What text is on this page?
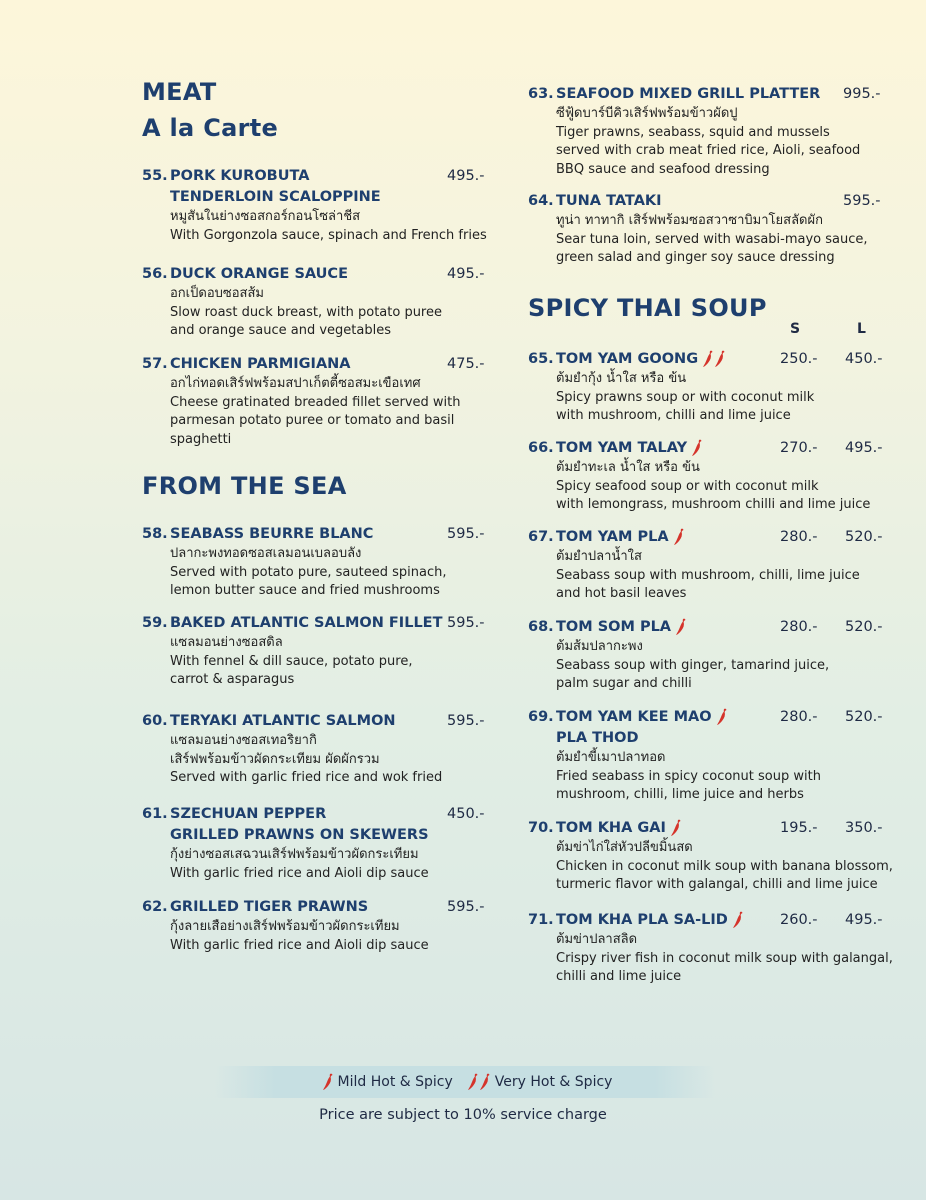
MEAT
A la Carte
55. PORK KUROBUTA
TENDERLOIN SCALOPPINE
495.-
หมูสันในย่างซอสกอร์กอนโซล่าชีส
With Gorgonzola sauce, spinach and French fries
56. DUCK ORANGE SAUCE	495.-
อกเป็ดอบซอสส้ม
Slow roast duck breast, with potato puree
and orange sauce and vegetables
57. CHICKEN PARMIGIANA	475.-
อกไก่ทอดเสิร์ฟพร้อมสปาเก็ตตี้ซอสมะเขือเทศ
Cheese gratinated breaded fillet served with
parmesan potato puree or tomato and basil
spaghetti
FROM THE SEA
58. SEABASS BEURRE BLANC	595.-
ปลากะพงทอดซอสเลมอนเบลอบลัง
Served with potato pure, sauteed spinach,
lemon butter sauce and fried mushrooms
59. BAKED ATLANTIC SALMON FILLET 595.-
แซลมอนย่างซอสดิล
With fennel & dill sauce, potato pure,
carrot & asparagus
60. TERYAKI ATLANTIC SALMON	595.-
แซลมอนย่างซอสเทอริยากิ
เสิร์ฟพร้อมข้าวผัดกระเทียม ผัดผักรวม
Served with garlic fried rice and wok fried
61. SZECHUAN PEPPER
GRILLED PRAWNS ON SKEWERS
450.-
กุ้งย่างซอสเสฉวนเสิร์ฟพร้อมข้าวผัดกระเทียม
With garlic fried rice and Aioli dip sauce
62. GRILLED TIGER PRAWNS	595.-
กุ้งลายเสือย่างเสิร์ฟพร้อมข้าวผัดกระเทียม
With garlic fried rice and Aioli dip sauce
63. SEAFOOD MIXED GRILL PLATTER 995.-
ซีฟู้ดบาร์บีคิวเสิร์ฟพร้อมข้าวผัดปู
Tiger prawns, seabass, squid and mussels
served with crab meat fried rice, Aioli, seafood
BBQ sauce and seafood dressing
64. TUNA TATAKI	595.-
ทูน่า ทาทากิ เสิร์ฟพร้อมซอสวาซาบิมาโยสลัดผัก
Sear tuna loin, served with wasabi-mayo sauce,
green salad and ginger soy sauce dressing
SPICY THAI SOUP
S	L
65. TOM YAM GOONG	250.- 450.-
ต้มยำกุ้ง น้ำใส หรือ ข้น
Spicy prawns soup or with coconut milk
with mushroom, chilli and lime juice
66. TOM YAM TALAY	270.- 495.-
ต้มยำทะเล น้ำใส หรือ ข้น
Spicy seafood soup or with coconut milk
with lemongrass, mushroom chilli and lime juice
67. TOM YAM PLA	280.- 520.-
ต้มยำปลาน้ำใส
Seabass soup with mushroom, chilli, lime juice
and hot basil leaves
68. TOM SOM PLA	280.- 520.-
ต้มส้มปลากะพง
Seabass soup with ginger, tamarind juice,
palm sugar and chilli
69. TOM YAM KEE MAO
PLA THOD
280.- 520.-
ต้มยำขี้เมาปลาทอด
Fried seabass in spicy coconut soup with
mushroom, chilli, lime juice and herbs
70. TOM KHA GAI	195.- 350.-
ต้มข่าไก่ใส่หัวปลีขมิ้นสด
Chicken in coconut milk soup with banana blossom,
turmeric flavor with galangal, chilli and lime juice
71. TOM KHA PLA SA-LID	260.- 495.-
ต้มข่าปลาสลิด
Crispy river fish in coconut milk soup with galangal,
chilli and lime juice
Mild Hot & Spicy	Very Hot & Spicy
Price are subject to 10% service charge
